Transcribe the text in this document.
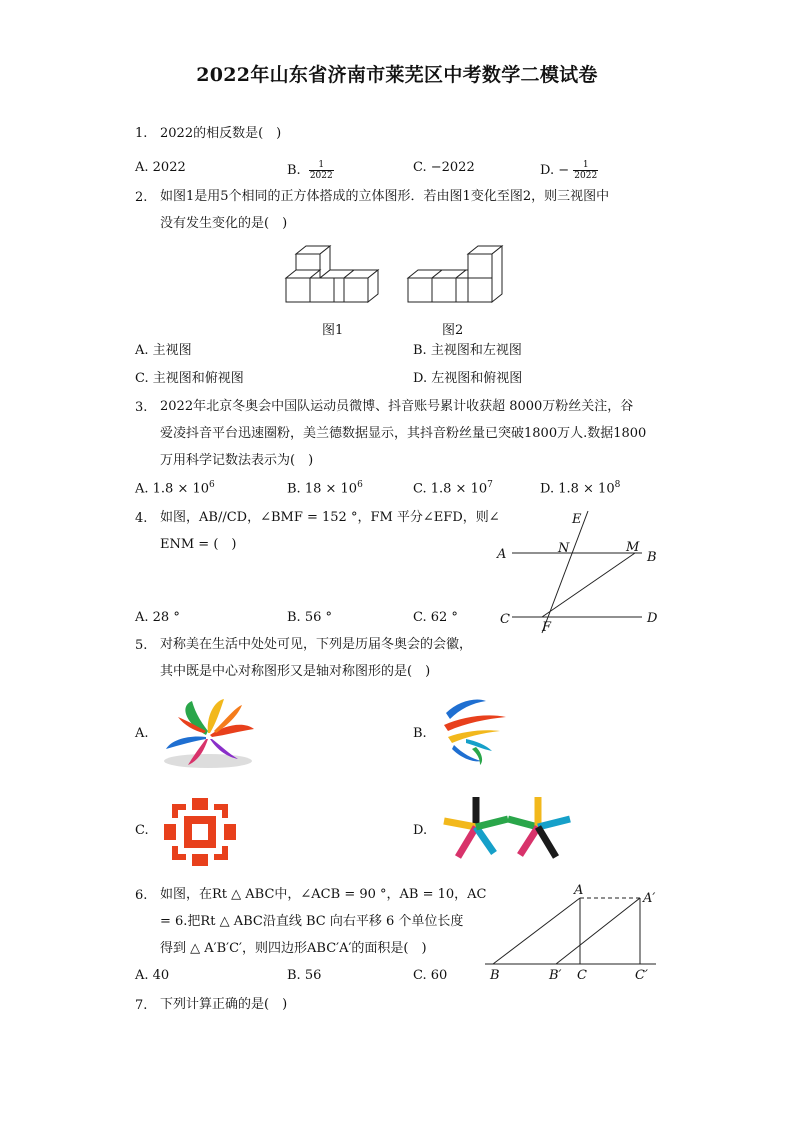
2022年山东省济南市莱芜区中考数学二模试卷
1. 2022的相反数是(　)
A. 2022	B. $\frac{1}{2022}$	C. −2022	D. − $\frac{1}{2022}$
2. 如图1是用5个相同的正方体搭成的立体图形．若由图1变化至图2，则三视图中
没有发生变化的是(　)
图1	图2
A. 主视图	B. 主视图和左视图
C. 主视图和俯视图	D. 左视图和俯视图
3. 2022年北京冬奥会中国队运动员微博、抖音账号累计收获超 8000万粉丝关注，谷
爱凌抖音平台迅速圈粉，美兰德数据显示，其抖音粉丝量已突破1800万人.数据1800
万用科学记数法表示为(　)
A. $1.8 \times 10^6$	B. $18 \times 10^6$	C. $1.8 \times 10^7$	D. $1.8 \times 10^8$
4. 如图，AB//CD，∠BMF = 152 °，FM 平分∠EFD，则∠
ENM = (　)
E
A	N	M
B
C
F
D
A. 28 °	B. 56 °	C. 62 °
5. 对称美在生活中处处可见，下列是历届冬奥会的会徽，
其中既是中心对称图形又是轴对称图形的是(　)
A.	B.
C.	D.
6. 如图，在Rt △ ABC中，∠ACB = 90 °，AB = 10，AC
= 6.把Rt △ ABC沿直线 BC 向右平移 6 个单位长度
得到 △ A′B′C′，则四边形ABC′A′的面积是(　)
A
A′
B	B′ C	C′
A. 40	B. 56	C. 60
7. 下列计算正确的是(　)
